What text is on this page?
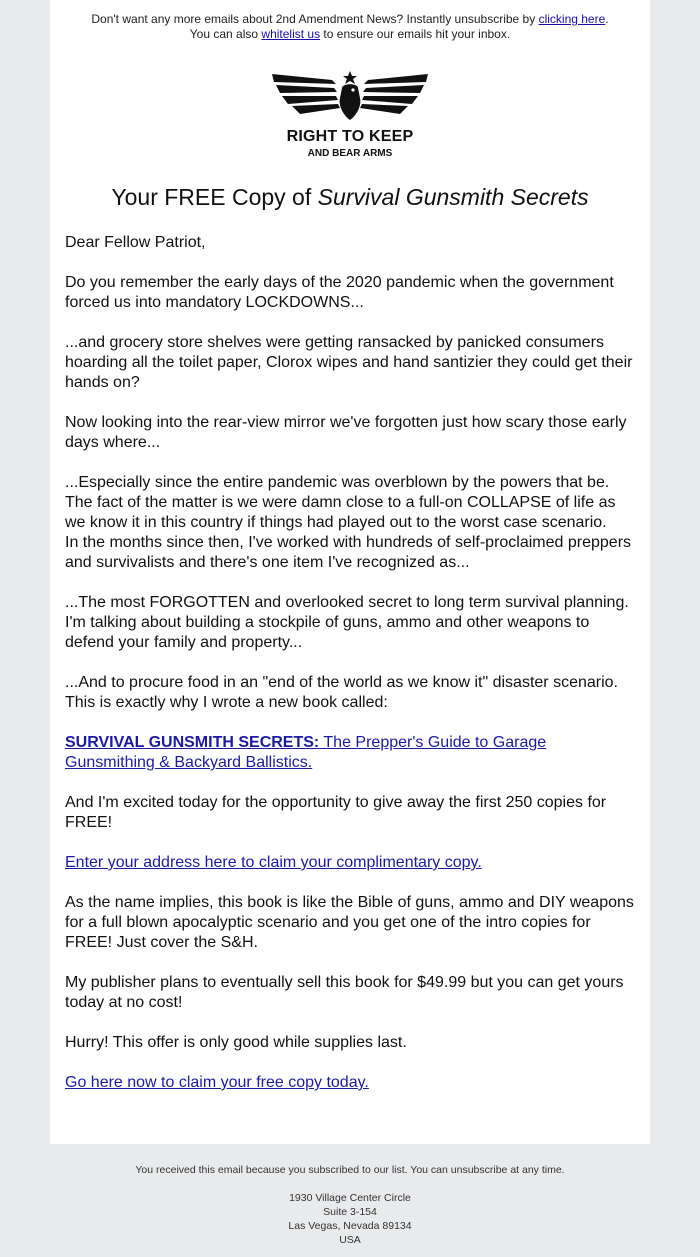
Don't want any more emails about 2nd Amendment News? Instantly unsubscribe by clicking here.
You can also whitelist us to ensure our emails hit your inbox.
RIGHT TO KEEP
AND BEAR ARMS
Your FREE Copy of Survival Gunsmith Secrets

Dear Fellow Patriot,

Do you remember the early days of the 2020 pandemic when the government forced us into mandatory LOCKDOWNS...

...and grocery store shelves were getting ransacked by panicked consumers hoarding all the toilet paper, Clorox wipes and hand santizier they could get their hands on?

Now looking into the rear-view mirror we've forgotten just how scary those early days where...

...Especially since the entire pandemic was overblown by the powers that be. The fact of the matter is we were damn close to a full-on COLLAPSE of life as we know it in this country if things had played out to the worst case scenario.
In the months since then, I've worked with hundreds of self-proclaimed preppers and survivalists and there's one item I've recognized as...

...The most FORGOTTEN and overlooked secret to long term survival planning. I'm talking about building a stockpile of guns, ammo and other weapons to defend your family and property...

...And to procure food in an "end of the world as we know it" disaster scenario. This is exactly why I wrote a new book called:

SURVIVAL GUNSMITH SECRETS: The Prepper's Guide to Garage Gunsmithing & Backyard Ballistics.

And I'm excited today for the opportunity to give away the first 250 copies for FREE!

Enter your address here to claim your complimentary copy.

As the name implies, this book is like the Bible of guns, ammo and DIY weapons for a full blown apocalyptic scenario and you get one of the intro copies for FREE! Just cover the S&H.

My publisher plans to eventually sell this book for $49.99 but you can get yours today at no cost!

Hurry! This offer is only good while supplies last.

Go here now to claim your free copy today.

You received this email because you subscribed to our list. You can unsubscribe at any time.
1930 Village Center Circle
Suite 3-154
Las Vegas, Nevada 89134
USA
